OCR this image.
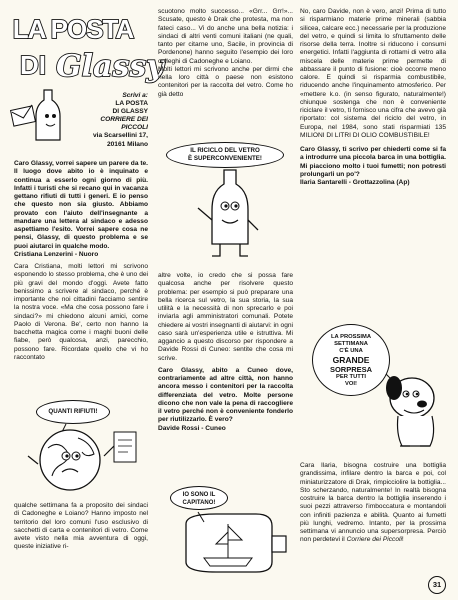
LA POSTA
DI Glassy
Scrivi a:
LA POSTA
DI GLASSY
CORRIERE DEI
PICCOLI
via Scarsellini 17,
20161 Milano

Caro Glassy, vorrei sapere un parere da te. Il luogo dove abito io è inquinato e continua a esserlo ogni giorno di più. Infatti i turisti che si recano qui in vacanza gettano rifiuti di tutti i generi. E io penso che questo non sia giusto. Abbiamo provato con l'aiuto dell'insegnante a mandare una lettera al sindaco e adesso aspettiamo l'esito. Vorrei sapere cosa ne pensi, Glassy, di questo problema e se puoi aiutarci in qualche modo.

Cristiana Lenzerini - Nuoro

Cara Cristiana, molti lettori mi scrivono esponendo lo stesso problema, che è uno dei più gravi del mondo d'oggi. Avete fatto benissimo a scrivere al sindaco, perché è importante che noi cittadini facciamo sentire la nostra voce. «Ma che cosa possono fare i sindaci?» mi chiedono alcuni amici, come Paolo di Verona. Be', certo non hanno la bacchetta magica come i maghi buoni delle fiabe, però qualcosa, anzi, parecchio, possono fare. Ricordate quello che vi ho raccontato

QUANTI RIFIUTI!

qualche settimana fa a proposito dei sindaci di Cadoneghe e Loiano? Hanno imposto nel territorio del loro comuni l'uso esclusivo di sacchetti di carta e contenitori di vetro. Come avete visto nella mia avventura di oggi, queste iniziative ri-

scuotono molto successo... «Grr... Grr!»... Scusate, questo è Drak che protesta, ma non fateci caso... Vi do anche una bella notizia: i sindaci di altri venti comuni italiani (ne quali, tanto per citarne uno, Sacile, in provincia di Pordenone) hanno seguito l'esempio dei loro colleghi di Cadoneghe e Loiano.

Molti lettori mi scrivono anche per dirmi che nella loro città o paese non esistono contenitori per la raccolta del vetro. Come ho già detto

IL RICICLO DEL VETRO
È SUPERCONVENIENTE!

altre volte, io credo che si possa fare qualcosa anche per risolvere questo problema: per esempio si può preparare una bella ricerca sul vetro, la sua storia, la sua utilità e la necessità di non sprecarlo e poi inviarla agli amministratori comunali. Potete chiedere ai vostri insegnanti di aiutarvi: in ogni caso sarà un'esperienza utile e istruttiva. Mi aggancio a questo discorso per rispondere a Davide Rossi di Cuneo: sentite che cosa mi scrive.

Caro Glassy, abito a Cuneo dove, contrariamente ad altre città, non hanno ancora messo i contenitori per la raccolta differenziata del vetro. Molte persone dicono che non vale la pena di raccogliere il vetro perché non è conveniente fonderlo per riutilizzarlo. È vero?

Davide Rossi - Cuneo

IO SONO IL
CAPITANO!

No, caro Davide, non è vero, anzi! Prima di tutto si risparmiano materie prime minerali (sabbia silicea, calcare ecc.) necessarie per la produzione del vetro, e quindi si limita lo sfruttamento delle risorse della terra. Inoltre si riducono i consumi energetici. Infatti l'aggiunta di rottami di vetro alla miscela delle materie prime permette di abbassare il punto di fusione: cioè occorre meno calore. E quindi si risparmia combustibile, riducendo anche l'inquinamento atmosferico. Per «mettere k.o. (in senso figurato, naturalmente!) chiunque sostenga che non è conveniente riciclare il vetro, ti fornisco una cifra che avevo già riportato: col sistema del riciclo del vetro, in Europa, nel 1984, sono stati risparmiati 135 MILIONI DI LITRI DI OLIO COMBUSTIBILE!

Caro Glassy, ti scrivo per chiederti come si fa a introdurre una piccola barca in una bottiglia. Mi piacciono molto i tuoi fumetti; non potresti prolungarli un po'?

Ilaria Santarelli - Grottazzolina (Ap)

LA PROSSIMA
SETTIMANA
C'È UNA
GRANDE
SORPRESA
PER TUTTI
VOI!

Cara Ilaria, bisogna costruire una bottiglia grandissima, infilare dentro la barca e poi, col miniaturizzatore di Drak, rimpicciolire la bottiglia... Sto scherzando, naturalmente! In realtà bisogna costruire la barca dentro la bottiglia inserendo i suoi pezzi attraverso l'imboccatura e montandoli con infiniti pazienza e abilità. Quanto ai fumetti più lunghi, vedremo. Intanto, per la prossima settimana vi annuncio una supersorpresa. Perciò non perdetevi il Corriere dei Piccoli!

31
